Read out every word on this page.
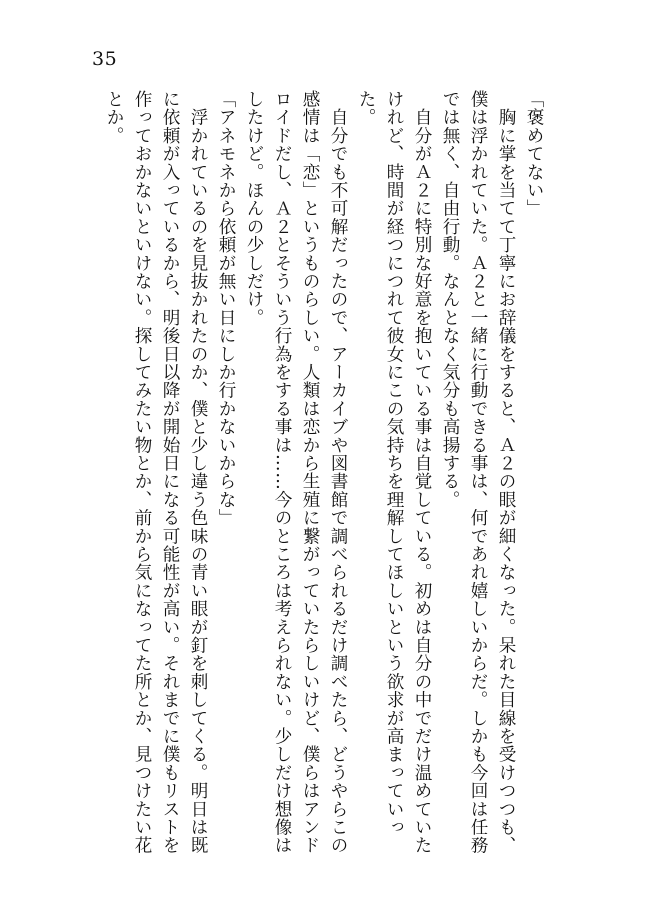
35

「褒めてない」

　胸に掌を当てて丁寧にお辞儀をすると、Ａ２の眼が細くなった。呆れた目線を受けつつも、僕は浮かれていた。Ａ２と一緒に行動できる事は、何であれ嬉しいからだ。しかも今回は任務では無く、自由行動。なんとなく気分も高揚する。

　自分がＡ２に特別な好意を抱いている事は自覚している。初めは自分の中でだけ温めていたけれど、時間が経つにつれて彼女にこの気持ちを理解してほしいという欲求が高まっていった。

　自分でも不可解だったので、アーカイブや図書館で調べられるだけ調べたら、どうやらこの感情は「恋」というものらしい。人類は恋から生殖に繋がっていたらしいけど、僕らはアンドロイドだし、Ａ２とそういう行為をする事は……今のところは考えられない。少しだけ想像はしたけど。ほんの少しだけ。

「アネモネから依頼が無い日にしか行かないからな」

　浮かれているのを見抜かれたのか、僕と少し違う色味の青い眼が釘を刺してくる。明日は既に依頼が入っているから、明後日以降が開始日になる可能性が高い。それまでに僕もリストを作っておかないといけない。探してみたい物とか、前から気になってた所とか、見つけたい花とか。
